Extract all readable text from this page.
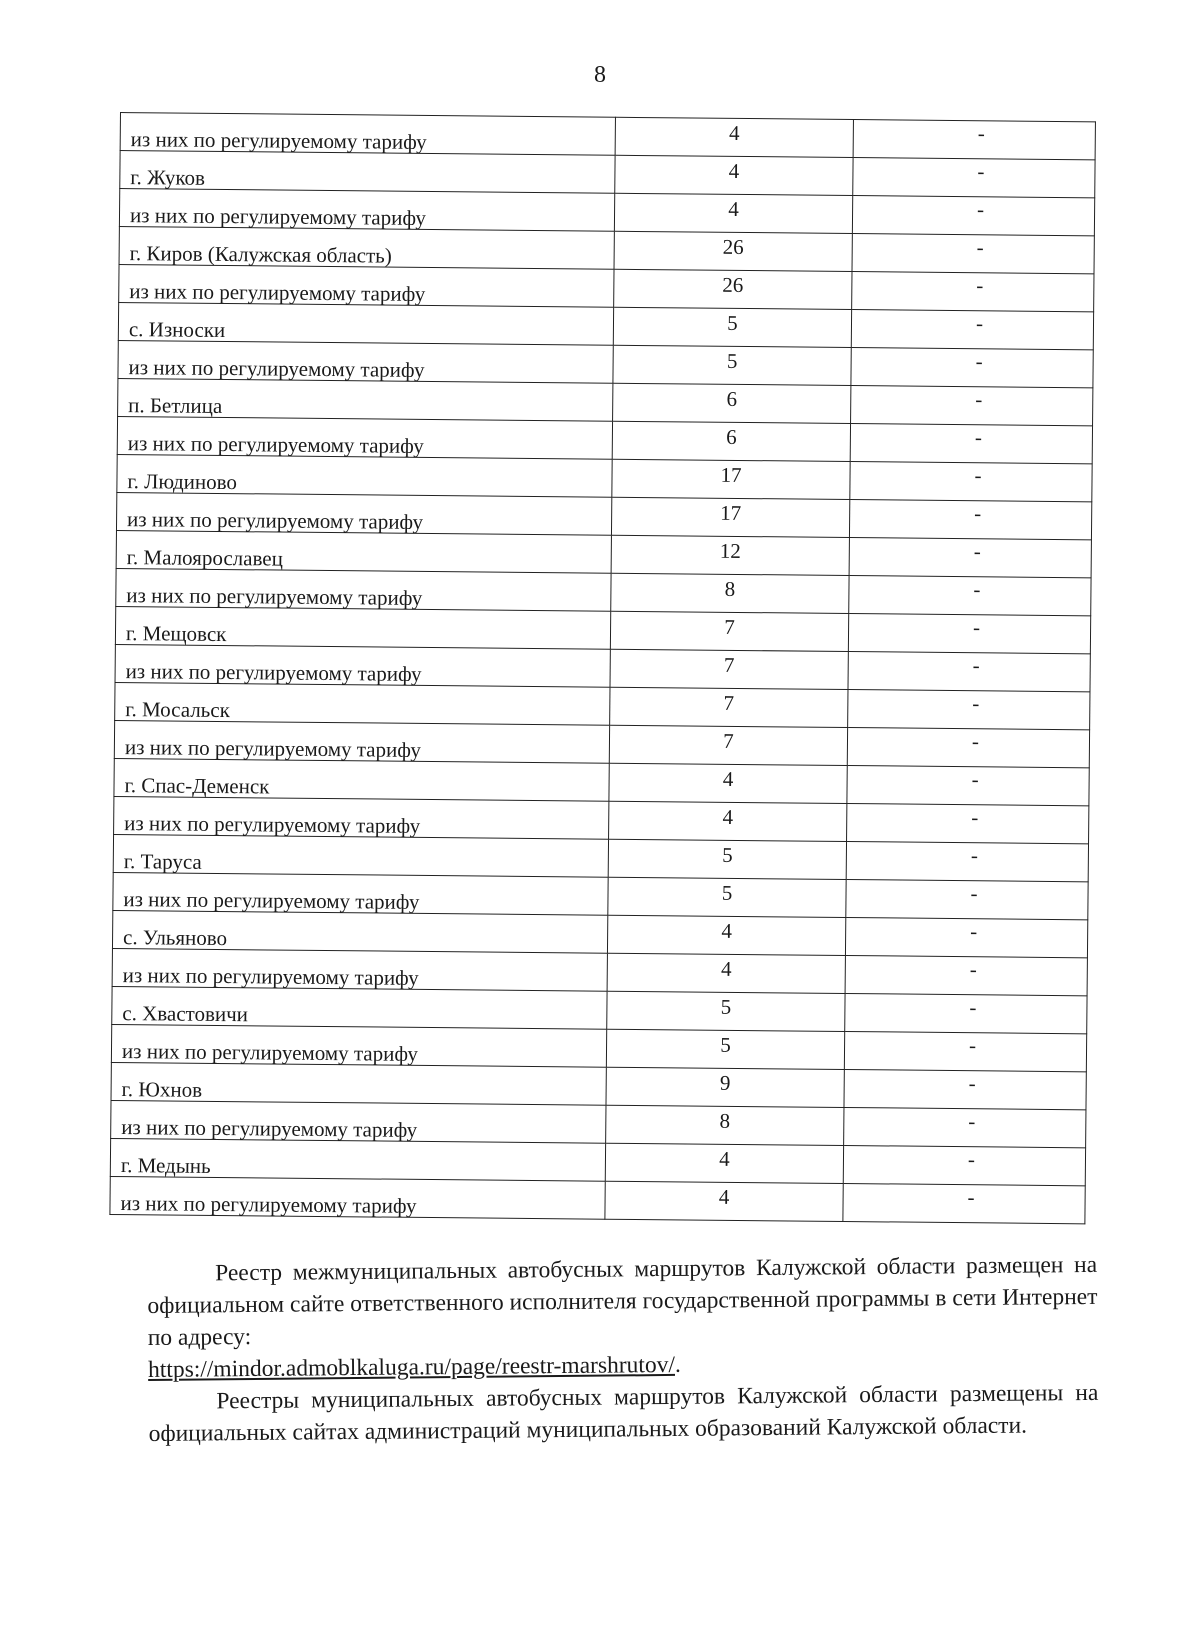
8
из них по регулируемому тарифу	4	-
г. Жуков	4	-
из них по регулируемому тарифу	4	-
г. Киров (Калужская область)	26	-
из них по регулируемому тарифу	26	-
с. Износки	5	-
из них по регулируемому тарифу	5	-
п. Бетлица	6	-
из них по регулируемому тарифу	6	-
г. Людиново	17	-
из них по регулируемому тарифу	17	-
г. Малоярославец	12	-
из них по регулируемому тарифу	8	-
г. Мещовск	7	-
из них по регулируемому тарифу	7	-
г. Мосальск	7	-
из них по регулируемому тарифу	7	-
г. Спас-Деменск	4	-
из них по регулируемому тарифу	4	-
г. Таруса	5	-
из них по регулируемому тарифу	5	-
с. Ульяново	4	-
из них по регулируемому тарифу	4	-
с. Хвастовичи	5	-
из них по регулируемому тарифу	5	-
г. Юхнов	9	-
из них по регулируемому тарифу	8	-
г. Медынь	4	-
из них по регулируемому тарифу	4	-

Реестр межмуниципальных автобусных маршрутов Калужской области размещен на официальном сайте ответственного исполнителя государственной программы в сети Интернет по адресу:
https://mindor.admoblkaluga.ru/page/reestr-marshrutov/.

Реестры муниципальных автобусных маршрутов Калужской области размещены на официальных сайтах администраций муниципальных образований Калужской области.
